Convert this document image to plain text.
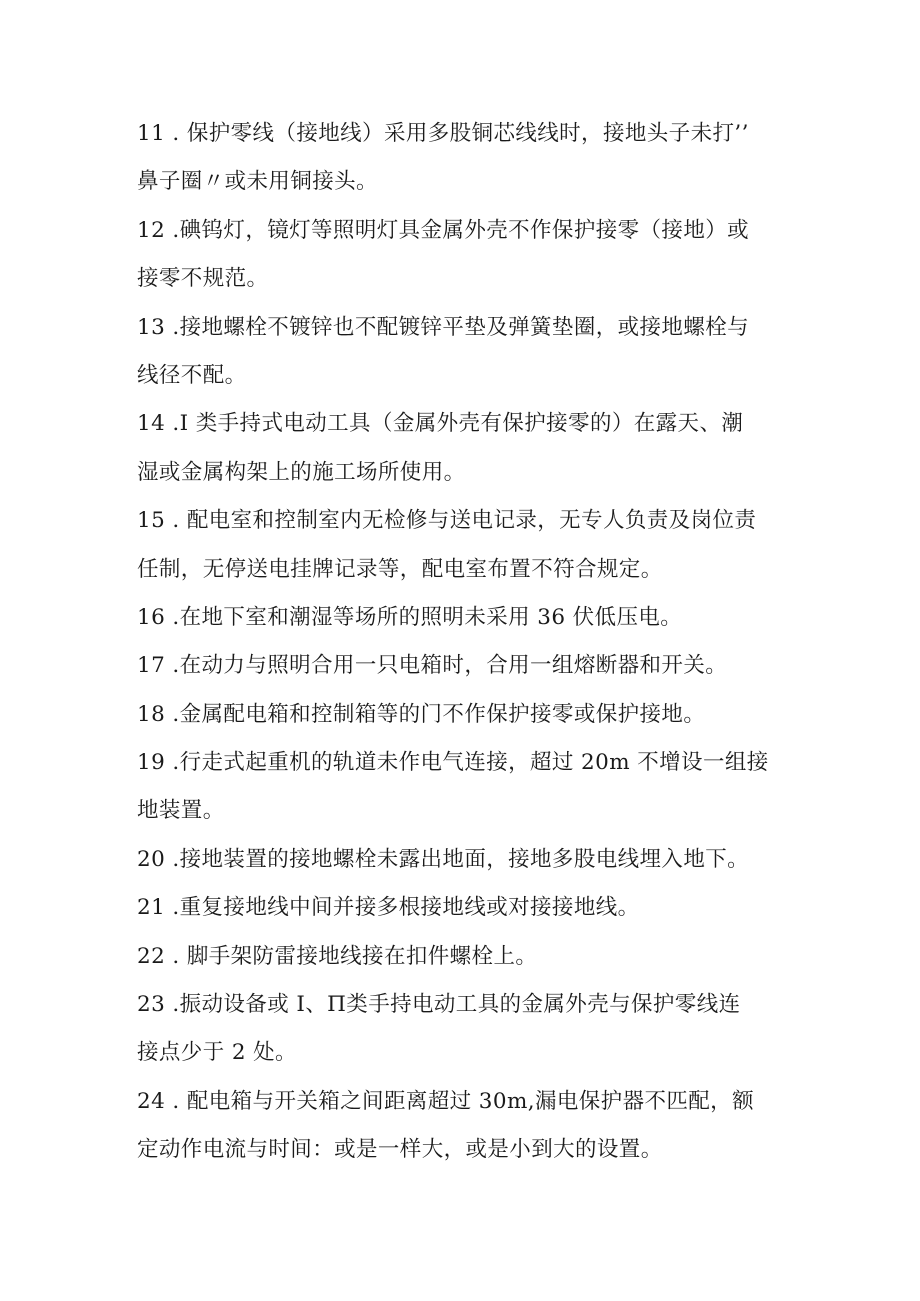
11 . 保护零线（接地线）采用多股铜芯线线时，接地头子未打’’
鼻子圈〃或未用铜接头。
12 .碘钨灯，镜灯等照明灯具金属外壳不作保护接零（接地）或
接零不规范。
13 .接地螺栓不镀锌也不配镀锌平垫及弹簧垫圈，或接地螺栓与
线径不配。
14 .I 类手持式电动工具（金属外壳有保护接零的）在露天、潮
湿或金属构架上的施工场所使用。
15 . 配电室和控制室内无检修与送电记录，无专人负责及岗位责
任制，无停送电挂牌记录等，配电室布置不符合规定。
16 .在地下室和潮湿等场所的照明未采用 36 伏低压电。
17 .在动力与照明合用一只电箱时，合用一组熔断器和开关。
18 .金属配电箱和控制箱等的门不作保护接零或保护接地。
19 .行走式起重机的轨道未作电气连接，超过 20m 不增设一组接
地装置。
20 .接地装置的接地螺栓未露出地面，接地多股电线埋入地下。
21 .重复接地线中间并接多根接地线或对接接地线。
22 . 脚手架防雷接地线接在扣件螺栓上。
23 .振动设备或 I、П类手持电动工具的金属外壳与保护零线连
接点少于 2 处。
24 . 配电箱与开关箱之间距离超过 30m,漏电保护器不匹配，额
定动作电流与时间：或是一样大，或是小到大的设置。
